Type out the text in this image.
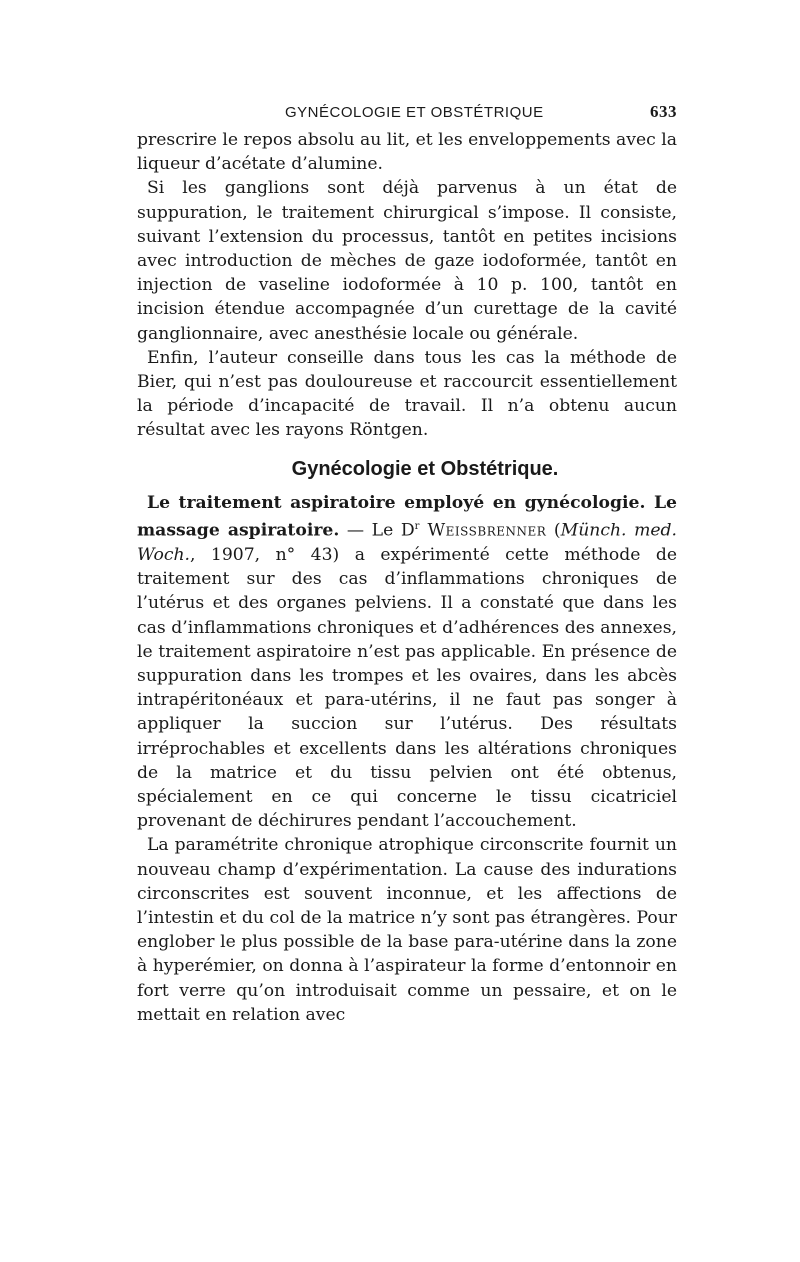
GYNÉCOLOGIE ET OBSTÉTRIQUE	633

prescrire le repos absolu au lit, et les enveloppements avec la liqueur d’acétate d’alumine.

Si les ganglions sont déjà parvenus à un état de suppuration, le traitement chirurgical s’impose. Il consiste, suivant l’extension du processus, tantôt en petites incisions avec introduction de mèches de gaze iodoformée, tantôt en injection de vaseline iodoformée à 10 p. 100, tantôt en incision étendue accompagnée d’un curettage de la cavité ganglionnaire, avec anesthésie locale ou générale.

Enfin, l’auteur conseille dans tous les cas la méthode de Bier, qui n’est pas douloureuse et raccourcit essentiellement la période d’incapacité de travail. Il n’a obtenu aucun résultat avec les rayons Röntgen.

Gynécologie et Obstétrique.

Le traitement aspiratoire employé en gynécologie. Le massage aspiratoire. — Le $D^r$ Weissbrenner (Münch. med. Woch., 1907, n° 43) a expérimenté cette méthode de traitement sur des cas d’inflammations chroniques de l’utérus et des organes pelviens. Il a constaté que dans les cas d’inflammations chroniques et d’adhérences des annexes, le traitement aspiratoire n’est pas applicable. En présence de suppuration dans les trompes et les ovaires, dans les abcès intrapéritonéaux et para-utérins, il ne faut pas songer à appliquer la succion sur l’utérus. Des résultats irréprochables et excellents dans les altérations chroniques de la matrice et du tissu pelvien ont été obtenus, spécialement en ce qui concerne le tissu cicatriciel provenant de déchirures pendant l’accouchement.

La paramétrite chronique atrophique circonscrite fournit un nouveau champ d’expérimentation. La cause des indurations circonscrites est souvent inconnue, et les affections de l’intestin et du col de la matrice n’y sont pas étrangères. Pour englober le plus possible de la base para-utérine dans la zone à hyperémier, on donna à l’aspirateur la forme d’entonnoir en fort verre qu’on introduisait comme un pessaire, et on le mettait en relation avec
